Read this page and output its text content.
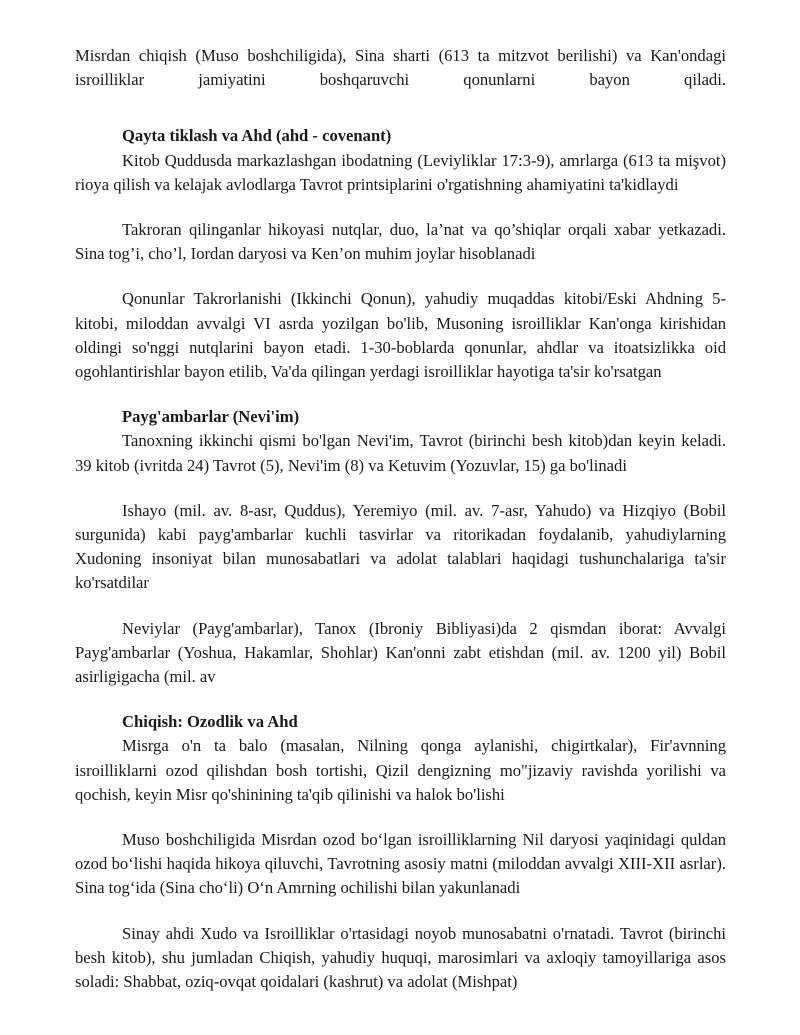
Misrdan chiqish (Muso boshchiligida), Sina sharti (613 ta mitzvot berilishi) va Kan'ondagi isroilliklar jamiyatini boshqaruvchi qonunlarni bayon qiladi.

Qayta tiklash va Ahd (ahd - covenant)

Kitob Quddusda markazlashgan ibodatning (Leviyliklar 17:3-9), amrlarga (613 ta mişvot) rioya qilish va kelajak avlodlarga Tavrot printsiplarini o'rgatishning ahamiyatini ta'kidlaydi

Takroran qilinganlar hikoyasi nutqlar, duo, la’nat va qo’shiqlar orqali xabar yetkazadi. Sina tog’i, cho’l, Iordan daryosi va Ken’on muhim joylar hisoblanadi

Qonunlar Takrorlanishi (Ikkinchi Qonun), yahudiy muqaddas kitobi/Eski Ahdning 5-kitobi, miloddan avvalgi VI asrda yozilgan bo'lib, Musoning isroilliklar Kan'onga kirishidan oldingi so'nggi nutqlarini bayon etadi. 1-30-boblarda qonunlar, ahdlar va itoatsizlikka oid ogohlantirishlar bayon etilib, Va'da qilingan yerdagi isroilliklar hayotiga ta'sir ko'rsatgan

Payg'ambarlar (Nevi'im)

Tanoxning ikkinchi qismi bo'lgan Nevi'im, Tavrot (birinchi besh kitob)dan keyin keladi. 39 kitob (ivritda 24) Tavrot (5), Nevi'im (8) va Ketuvim (Yozuvlar, 15) ga bo'linadi

Ishayo (mil. av. 8-asr, Quddus), Yeremiyo (mil. av. 7-asr, Yahudo) va Hizqiyo (Bobil surgunida) kabi payg'ambarlar kuchli tasvirlar va ritorikadan foydalanib, yahudiylarning Xudoning insoniyat bilan munosabatlari va adolat talablari haqidagi tushunchalariga ta'sir ko'rsatdilar

Neviylar (Payg'ambarlar), Tanox (Ibroniy Bibliyasi)da 2 qismdan iborat: Avvalgi Payg'ambarlar (Yoshua, Hakamlar, Shohlar) Kan'onni zabt etishdan (mil. av. 1200 yil) Bobil asirligigacha (mil. av

Chiqish: Ozodlik va Ahd

Misrga o'n ta balo (masalan, Nilning qonga aylanishi, chigirtkalar), Fir'avnning isroilliklarni ozod qilishdan bosh tortishi, Qizil dengizning mo"jizaviy ravishda yorilishi va qochish, keyin Misr qo'shinining ta'qib qilinishi va halok bo'lishi

Muso boshchiligida Misrdan ozod bo‘lgan isroilliklarning Nil daryosi yaqinidagi quldan ozod bo‘lishi haqida hikoya qiluvchi, Tavrotning asosiy matni (miloddan avvalgi XIII-XII asrlar). Sina tog‘ida (Sina cho‘li) O‘n Amrning ochilishi bilan yakunlanadi

Sinay ahdi Xudo va Isroilliklar o'rtasidagi noyob munosabatni o'rnatadi. Tavrot (birinchi besh kitob), shu jumladan Chiqish, yahudiy huquqi, marosimlari va axloqiy tamoyillariga asos soladi: Shabbat, oziq-ovqat qoidalari (kashrut) va adolat (Mishpat)
